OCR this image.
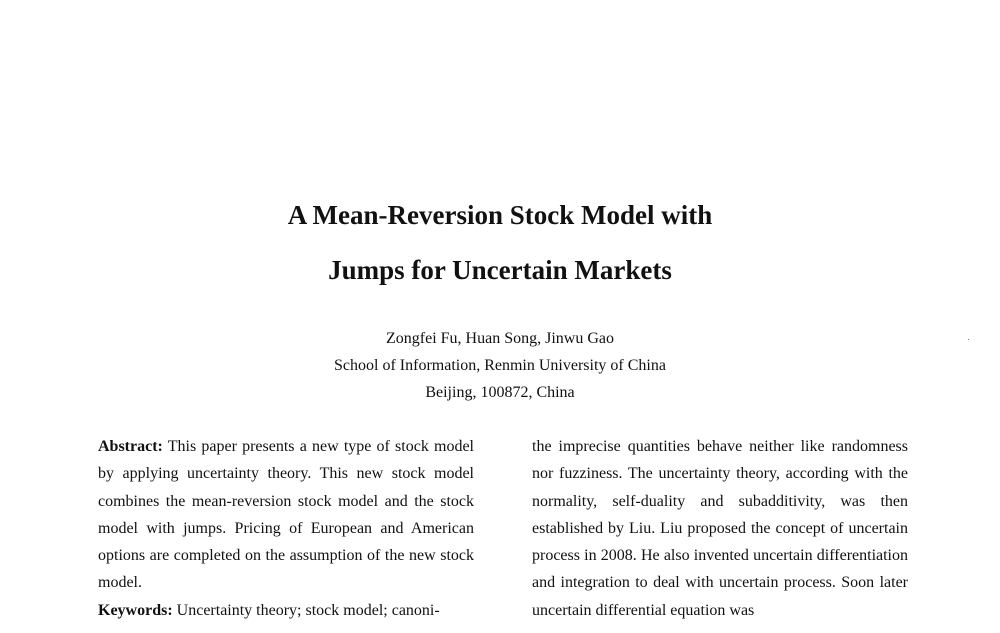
A Mean-Reversion Stock Model with
Jumps for Uncertain Markets
Zongfei Fu, Huan Song, Jinwu Gao
School of Information, Renmin University of China
Beijing, 100872, China

Abstract: This paper presents a new type of stock model by applying uncertainty theory. This new stock model combines the mean-reversion stock model and the stock model with jumps. Pricing of European and American options are completed on the assumption of the new stock model.

Keywords: Uncertainty theory; stock model; canoni-

the imprecise quantities behave neither like randomness nor fuzziness. The uncertainty theory, according with the normality, self-duality and subadditivity, was then established by Liu. Liu proposed the concept of uncertain process in 2008. He also invented uncertain differentiation and integration to deal with uncertain process. Soon later uncertain differential equation was
